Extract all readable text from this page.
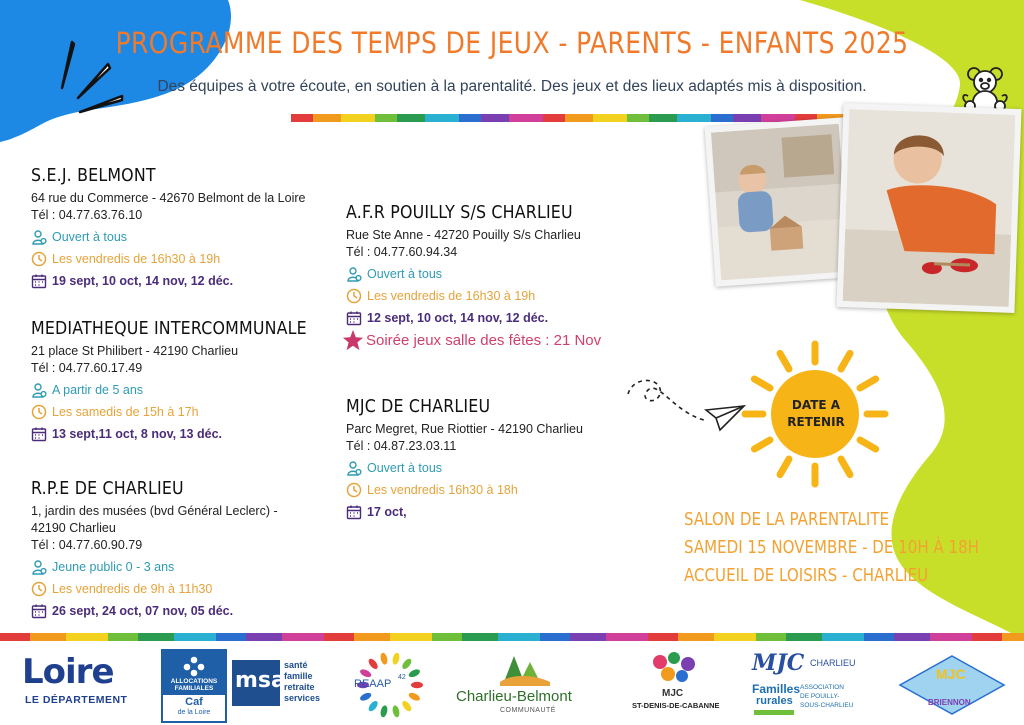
PROGRAMME DES TEMPS DE JEUX - PARENTS - ENFANTS 2025
Des équipes à votre écoute, en soutien à la parentalité. Des jeux et des lieux adaptés mis à disposition.
S.E.J. BELMONT
64 rue du Commerce - 42670 Belmont de la Loire
Tél : 04.77.63.76.10
Ouvert à tous
Les vendredis de 16h30 à 19h
19 sept, 10 oct, 14 nov, 12 déc.
MEDIATHEQUE INTERCOMMUNALE
21 place St Philibert - 42190 Charlieu
Tél : 04.77.60.17.49
A partir de 5 ans
Les samedis de 15h à 17h
13 sept,11 oct, 8 nov, 13 déc.
R.P.E DE CHARLIEU
1, jardin des musées (bvd Général Leclerc) -
42190 Charlieu
Tél : 04.77.60.90.79
Jeune public 0 - 3 ans
Les vendredis de 9h à 11h30
26 sept, 24 oct, 07 nov, 05 déc.
A.F.R POUILLY S/S CHARLIEU
Rue Ste Anne - 42720 Pouilly S/s Charlieu
Tél : 04.77.60.94.34
Ouvert à tous
Les vendredis de 16h30 à 19h
12 sept, 10 oct, 14 nov, 12 déc.
Soirée jeux salle des fêtes : 21 Nov
MJC DE CHARLIEU
Parc Megret, Rue Riottier - 42190 Charlieu
Tél : 04.87.23.03.11
Ouvert à tous
Les vendredis 16h30 à 18h
17 oct,
DATE A
RETENIR
SALON DE LA PARENTALITE
SAMEDI 15 NOVEMBRE - DE 10H À 18H
ACCUEIL DE LOISIRS - CHARLIEU
Loire
LE DÉPARTEMENT
ALLOCATIONS
FAMILIALES
Caf
de la Loire
msa
santé
famille
retraite
services
REAAP
42
Charlieu-Belmont
COMMUNAUTÉ
MJC
ST-DENIS-DE-CABANNE
MJC CHARLIEU
Familles
rurales
ASSOCIATION
DE POUILLY-
SOUS-CHARLIEU
MJC
BRIENNON
